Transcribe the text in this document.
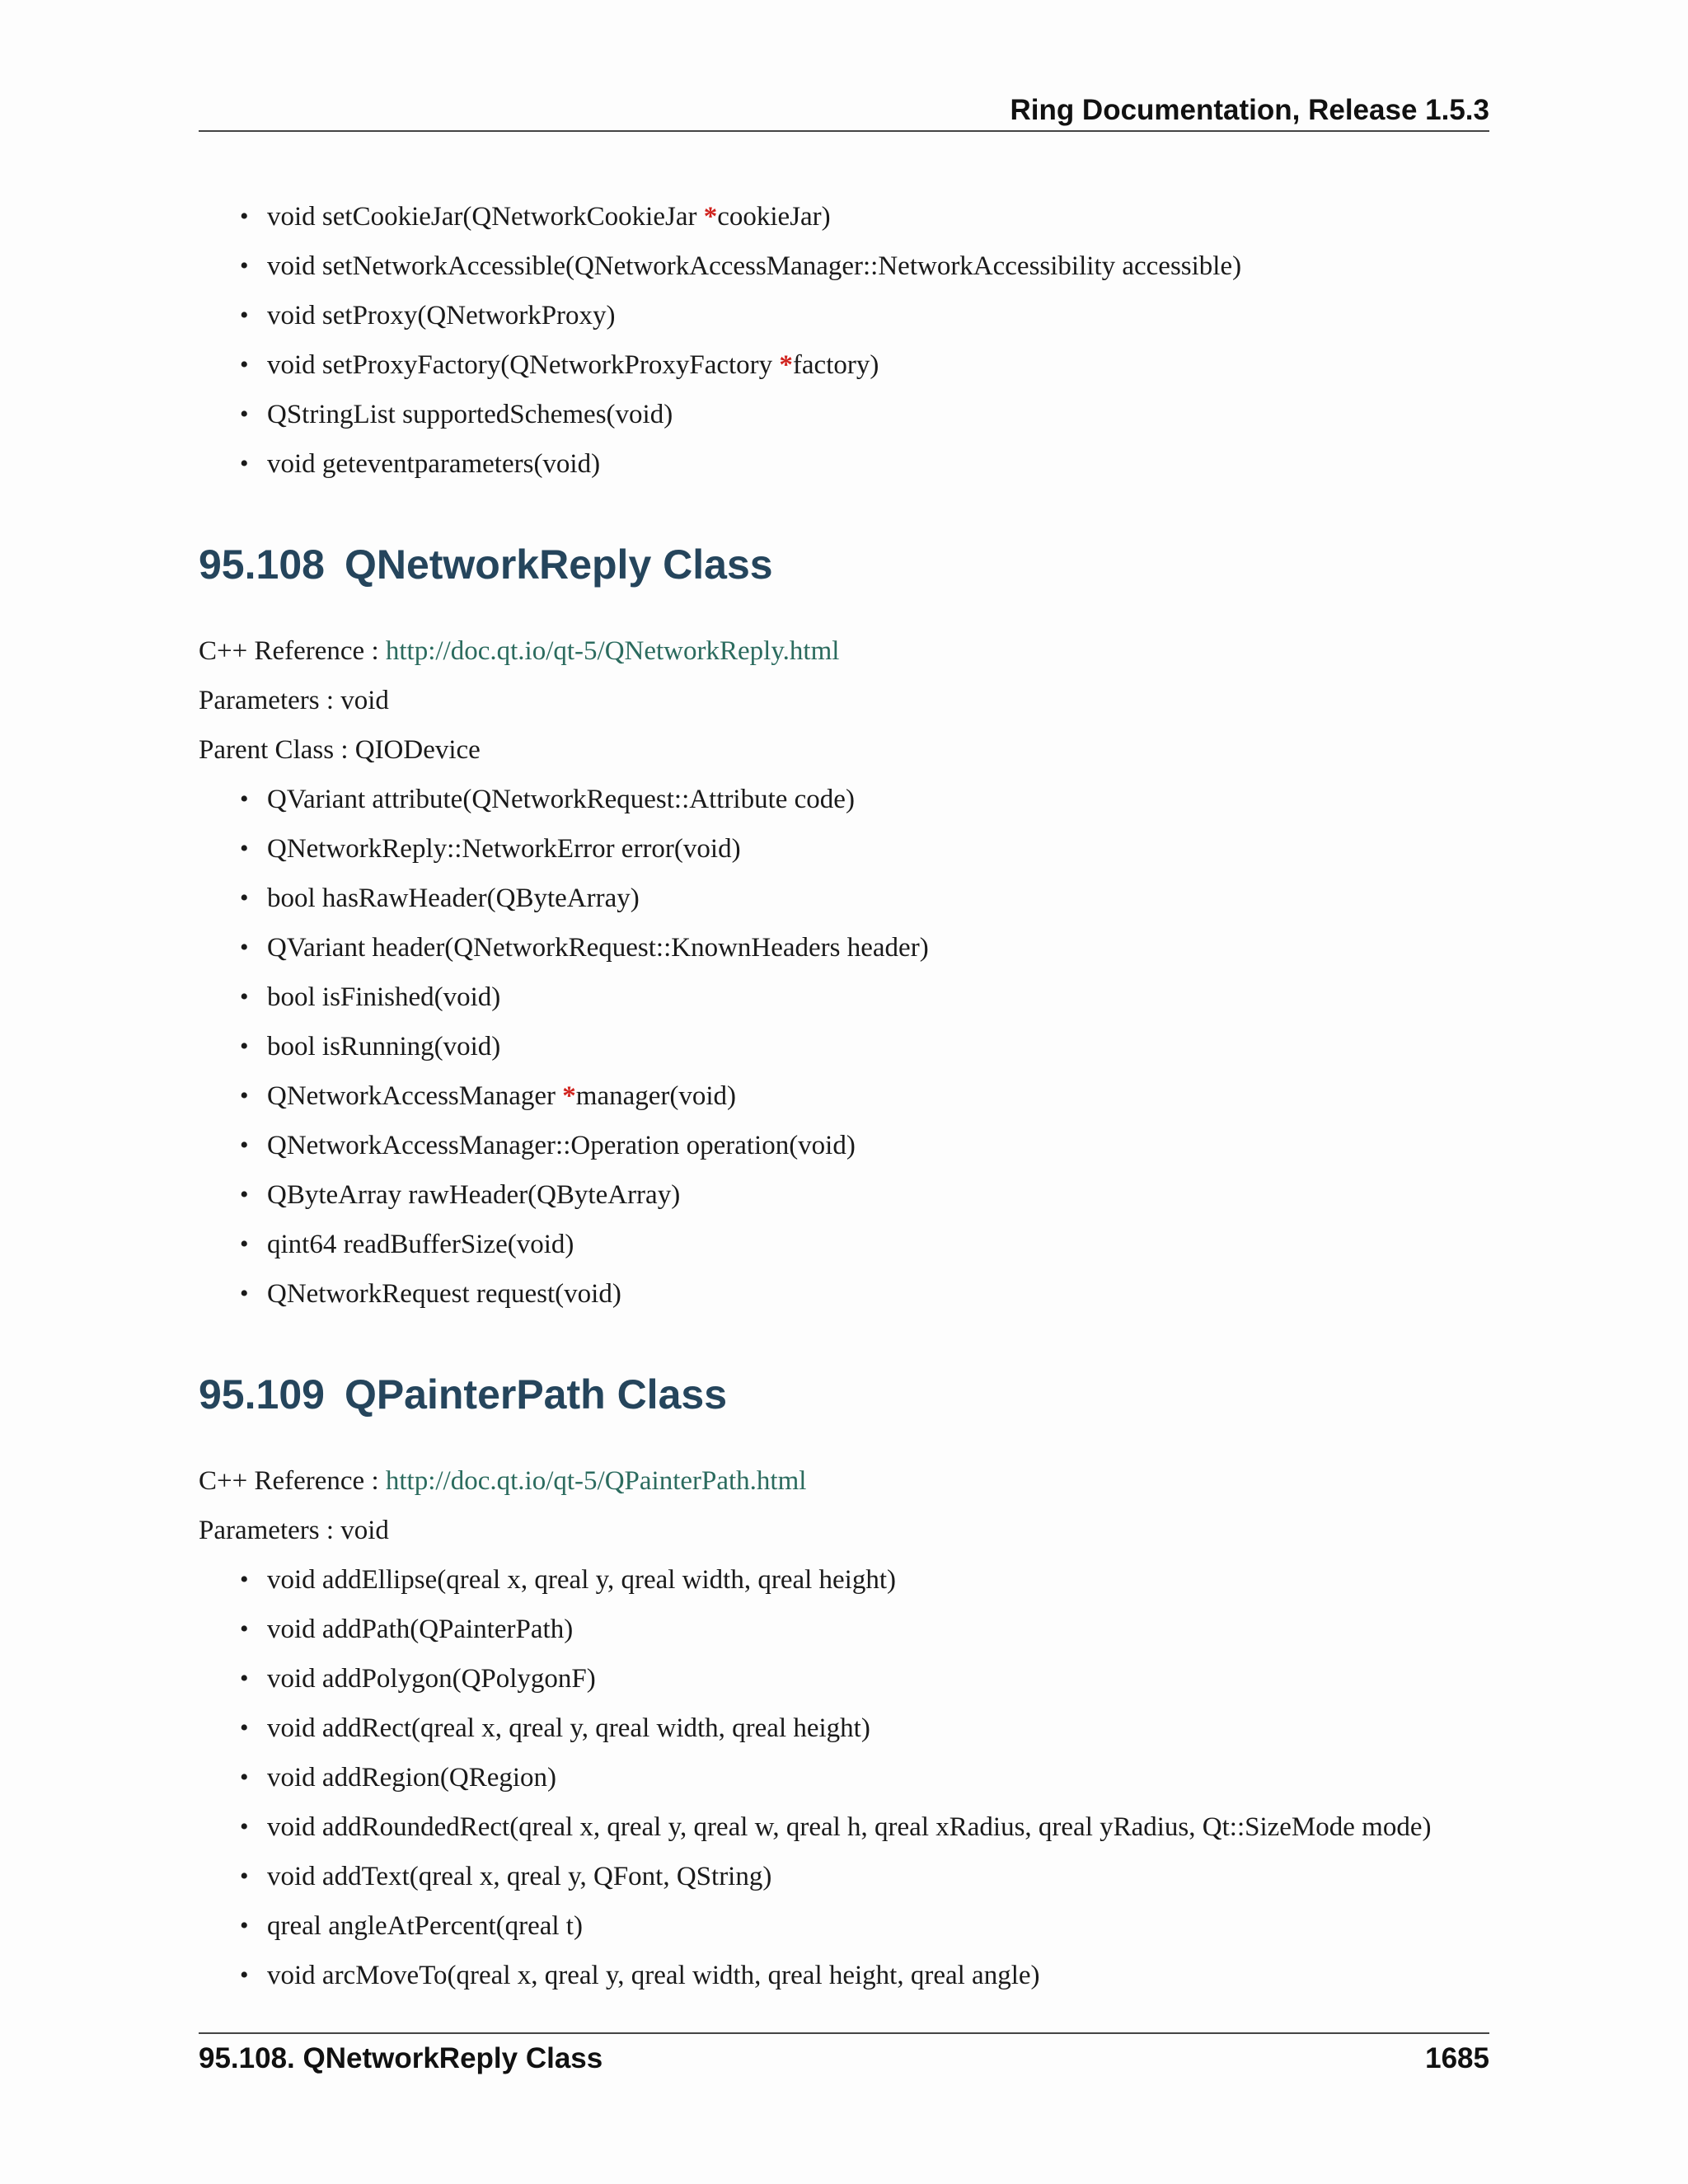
Ring Documentation, Release 1.5.3
• void setCookieJar(QNetworkCookieJar *cookieJar)
• void setNetworkAccessible(QNetworkAccessManager::NetworkAccessibility accessible)
• void setProxy(QNetworkProxy)
• void setProxyFactory(QNetworkProxyFactory *factory)
• QStringList supportedSchemes(void)
• void geteventparameters(void)
95.108 QNetworkReply Class

C++ Reference : http://doc.qt.io/qt-5/QNetworkReply.html

Parameters : void

Parent Class : QIODevice

• QVariant attribute(QNetworkRequest::Attribute code)
• QNetworkReply::NetworkError error(void)
• bool hasRawHeader(QByteArray)
• QVariant header(QNetworkRequest::KnownHeaders header)
• bool isFinished(void)
• bool isRunning(void)
• QNetworkAccessManager *manager(void)
• QNetworkAccessManager::Operation operation(void)
• QByteArray rawHeader(QByteArray)
• qint64 readBufferSize(void)
• QNetworkRequest request(void)
95.109 QPainterPath Class

C++ Reference : http://doc.qt.io/qt-5/QPainterPath.html

Parameters : void

• void addEllipse(qreal x, qreal y, qreal width, qreal height)
• void addPath(QPainterPath)
• void addPolygon(QPolygonF)
• void addRect(qreal x, qreal y, qreal width, qreal height)
• void addRegion(QRegion)
• void addRoundedRect(qreal x, qreal y, qreal w, qreal h, qreal xRadius, qreal yRadius, Qt::SizeMode mode)
• void addText(qreal x, qreal y, QFont, QString)
• qreal angleAtPercent(qreal t)
• void arcMoveTo(qreal x, qreal y, qreal width, qreal height, qreal angle)
95.108. QNetworkReply Class	1685
